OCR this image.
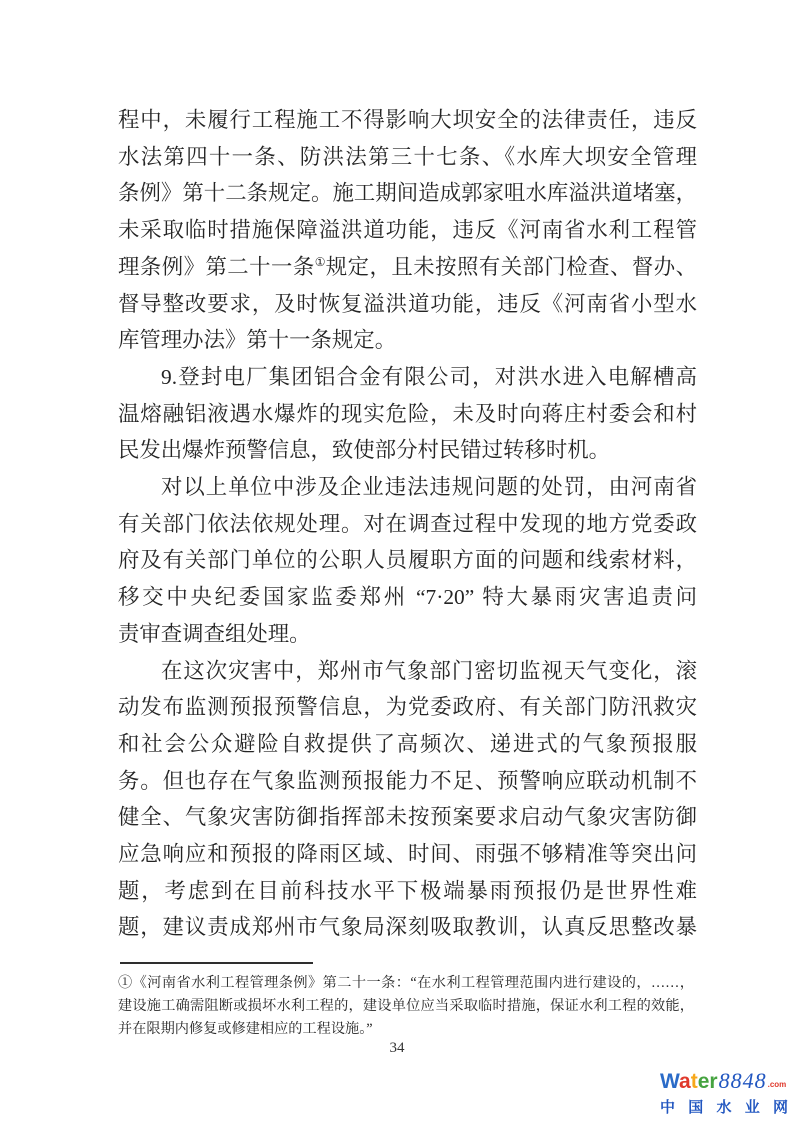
程中，未履行工程施工不得影响大坝安全的法律责任，违反
水法第四十一条、防洪法第三十七条、《水库大坝安全管理
条例》第十二条规定。施工期间造成郭家咀水库溢洪道堵塞，
未采取临时措施保障溢洪道功能，违反《河南省水利工程管
理条例》第二十一条①规定，且未按照有关部门检查、督办、
督导整改要求，及时恢复溢洪道功能，违反《河南省小型水
库管理办法》第十一条规定。
9.登封电厂集团铝合金有限公司，对洪水进入电解槽高
温熔融铝液遇水爆炸的现实危险，未及时向蒋庄村委会和村
民发出爆炸预警信息，致使部分村民错过转移时机。
对以上单位中涉及企业违法违规问题的处罚，由河南省
有关部门依法依规处理。对在调查过程中发现的地方党委政
府及有关部门单位的公职人员履职方面的问题和线索材料，
移交中央纪委国家监委郑州 “7·20” 特大暴雨灾害追责问
责审查调查组处理。
在这次灾害中，郑州市气象部门密切监视天气变化，滚
动发布监测预报预警信息，为党委政府、有关部门防汛救灾
和社会公众避险自救提供了高频次、递进式的气象预报服
务。但也存在气象监测预报能力不足、预警响应联动机制不
健全、气象灾害防御指挥部未按预案要求启动气象灾害防御
应急响应和预报的降雨区域、时间、雨强不够精准等突出问
题，考虑到在目前科技水平下极端暴雨预报仍是世界性难
题，建议责成郑州市气象局深刻吸取教训，认真反思整改暴
①《河南省水利工程管理条例》第二十一条：“在水利工程管理范围内进行建设的，……，
建设施工确需阻断或损坏水利工程的，建设单位应当采取临时措施，保证水利工程的效能，
并在限期内修复或修建相应的工程设施。”
34
Water 8848 .com
中 国 水 业 网
